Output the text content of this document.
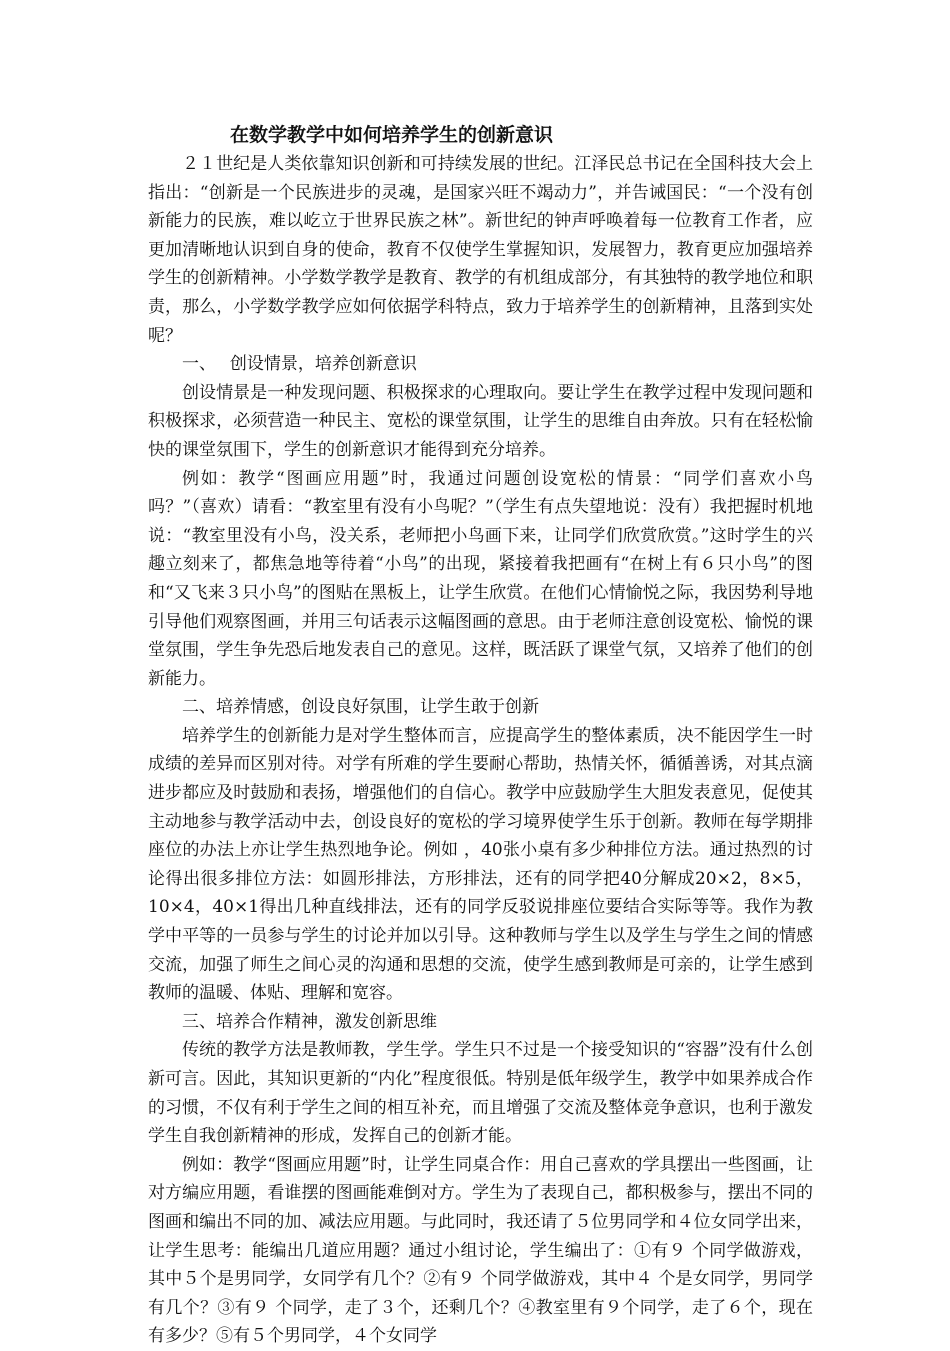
在数学教学中如何培养学生的创新意识

２１世纪是人类依靠知识创新和可持续发展的世纪。江泽民总书记在全国科技大会上指出：“创新是一个民族进步的灵魂，是国家兴旺不竭动力”，并告诫国民：“一个没有创新能力的民族，难以屹立于世界民族之林”。新世纪的钟声呼唤着每一位教育工作者，应更加清晰地认识到自身的使命，教育不仅使学生掌握知识，发展智力，教育更应加强培养学生的创新精神。小学数学教学是教育、教学的有机组成部分，有其独特的教学地位和职责，那么，小学数学教学应如何依据学科特点，致力于培养学生的创新精神，且落到实处呢？

一、　 创设情景，培养创新意识

创设情景是一种发现问题、积极探求的心理取向。要让学生在教学过程中发现问题和积极探求，必须营造一种民主、宽松的课堂氛围，让学生的思维自由奔放。只有在轻松愉快的课堂氛围下，学生的创新意识才能得到充分培养。

例如：教学“图画应用题”时，我通过问题创设宽松的情景：“同学们喜欢小鸟吗？”（喜欢）请看：“教室里有没有小鸟呢？”（学生有点失望地说：没有）我把握时机地说：“教室里没有小鸟，没关系，老师把小鸟画下来，让同学们欣赏欣赏。”这时学生的兴趣立刻来了，都焦急地等待着“小鸟”的出现，紧接着我把画有“在树上有６只小鸟”的图和“又飞来３只小鸟”的图贴在黑板上，让学生欣赏。在他们心情愉悦之际，我因势利导地引导他们观察图画，并用三句话表示这幅图画的意思。由于老师注意创设宽松、愉悦的课堂氛围，学生争先恐后地发表自己的意见。这样，既活跃了课堂气氛，又培养了他们的创新能力。

二、培养情感，创设良好氛围，让学生敢于创新

培养学生的创新能力是对学生整体而言，应提高学生的整体素质，决不能因学生一时成绩的差异而区别对待。对学有所难的学生要耐心帮助，热情关怀，循循善诱，对其点滴进步都应及时鼓励和表扬，增强他们的自信心。教学中应鼓励学生大胆发表意见，促使其主动地参与教学活动中去，创设良好的宽松的学习境界使学生乐于创新。教师在每学期排座位的办法上亦让学生热烈地争论。例如 ，40张小桌有多少种排位方法。通过热烈的讨论得出很多排位方法：如圆形排法，方形排法，还有的同学把40分解成20×2，8×5，10×4，40×1得出几种直线排法，还有的同学反驳说排座位要结合实际等等。我作为教学中平等的一员参与学生的讨论并加以引导。这种教师与学生以及学生与学生之间的情感交流，加强了师生之间心灵的沟通和思想的交流，使学生感到教师是可亲的，让学生感到教师的温暖、体贴、理解和宽容。

三、培养合作精神，激发创新思维

传统的教学方法是教师教，学生学。学生只不过是一个接受知识的“容器”没有什么创新可言。因此，其知识更新的“内化”程度很低。特别是低年级学生，教学中如果养成合作的习惯，不仅有利于学生之间的相互补充，而且增强了交流及整体竞争意识，也利于激发学生自我创新精神的形成，发挥自己的创新才能。

例如：教学“图画应用题”时，让学生同桌合作：用自己喜欢的学具摆出一些图画，让对方编应用题，看谁摆的图画能难倒对方。学生为了表现自己，都积极参与，摆出不同的图画和编出不同的加、减法应用题。与此同时，我还请了５位男同学和４位女同学出来，让学生思考：能编出几道应用题？通过小组讨论，学生编出了：①有９ 个同学做游戏，其中５个是男同学，女同学有几个？②有９ 个同学做游戏，其中４ 个是女同学，男同学有几个？③有９ 个同学，走了３个，还剩几个？④教室里有９个同学，走了６个，现在有多少？⑤有５个男同学，４个女同学
